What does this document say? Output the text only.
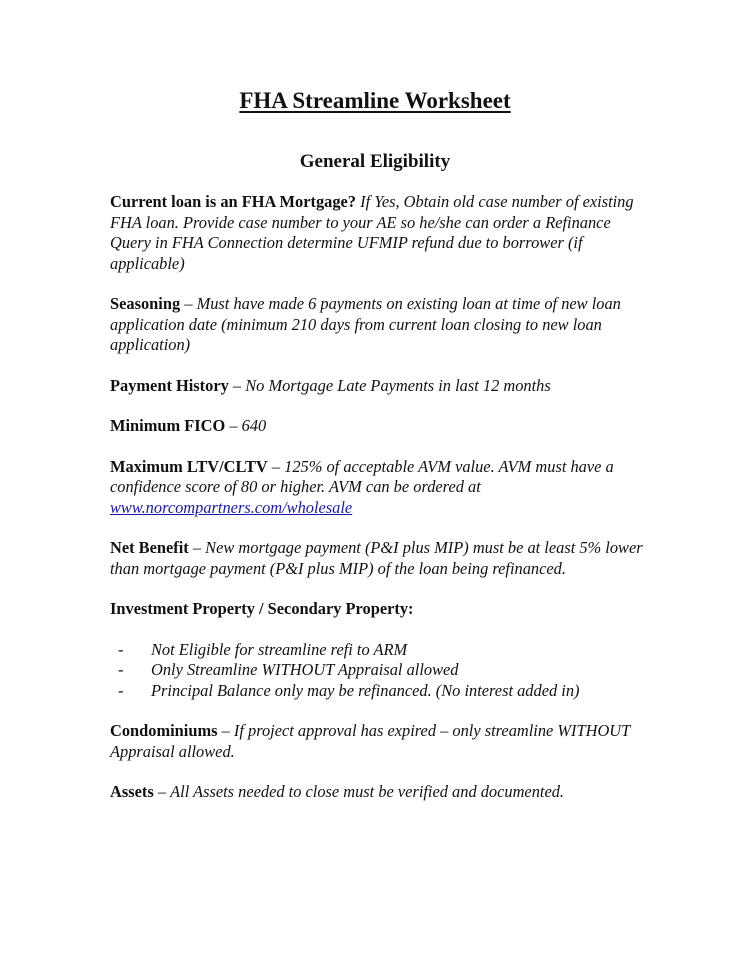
FHA Streamline Worksheet
General Eligibility

Current loan is an FHA Mortgage? If Yes, Obtain old case number of existing FHA loan. Provide case number to your AE so he/she can order a Refinance Query in FHA Connection determine UFMIP refund due to borrower (if applicable)

Seasoning – Must have made 6 payments on existing loan at time of new loan application date (minimum 210 days from current loan closing to new loan application)

Payment History – No Mortgage Late Payments in last 12 months

Minimum FICO – 640

Maximum LTV/CLTV – 125% of acceptable AVM value. AVM must have a confidence score of 80 or higher. AVM can be ordered at
www.norcompartners.com/wholesale

Net Benefit – New mortgage payment (P&I plus MIP) must be at least 5% lower than mortgage payment (P&I plus MIP) of the loan being refinanced.

Investment Property / Secondary Property:

- Not Eligible for streamline refi to ARM
- Only Streamline WITHOUT Appraisal allowed
- Principal Balance only may be refinanced. (No interest added in)

Condominiums – If project approval has expired – only streamline WITHOUT Appraisal allowed.

Assets – All Assets needed to close must be verified and documented.
